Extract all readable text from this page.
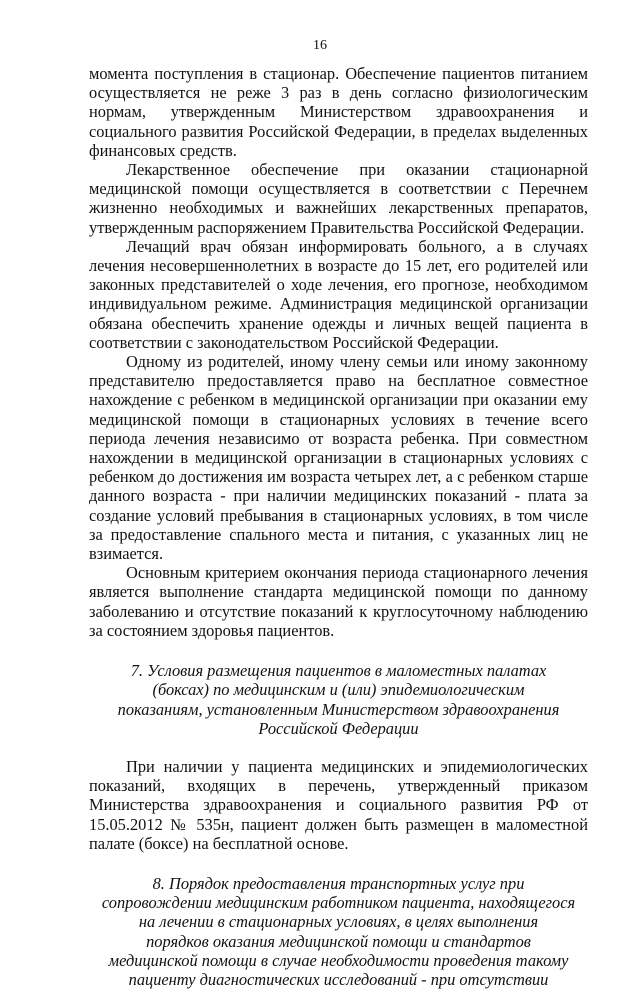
16

момента поступления в стационар. Обеспечение пациентов питанием осуществляется не реже 3 раз в день согласно физиологическим нормам, утвержденным Министерством здравоохранения и социального развития Российской Федерации, в пределах выделенных финансовых средств.

Лекарственное обеспечение при оказании стационарной медицинской помощи осуществляется в соответствии с Перечнем жизненно необходимых и важнейших лекарственных препаратов, утвержденным распоряжением Правительства Российской Федерации.

Лечащий врач обязан информировать больного, а в случаях лечения несовершеннолетних в возрасте до 15 лет, его родителей или законных представителей о ходе лечения, его прогнозе, необходимом индивидуальном режиме. Администрация медицинской организации обязана обеспечить хранение одежды и личных вещей пациента в соответствии с законодательством Российской Федерации.

Одному из родителей, иному члену семьи или иному законному представителю предоставляется право на бесплатное совместное нахождение с ребенком в медицинской организации при оказании ему медицинской помощи в стационарных условиях в течение всего периода лечения независимо от возраста ребенка. При совместном нахождении в медицинской организации в стационарных условиях с ребенком до достижения им возраста четырех лет, а с ребенком старше данного возраста - при наличии медицинских показаний - плата за создание условий пребывания в стационарных условиях, в том числе за предоставление спального места и питания, с указанных лиц не взимается.

Основным критерием окончания периода стационарного лечения является выполнение стандарта медицинской помощи по данному заболеванию и отсутствие показаний к круглосуточному наблюдению за состоянием здоровья пациентов.

7. Условия размещения пациентов в маломестных палатах
(боксах) по медицинским и (или) эпидемиологическим
показаниям, установленным Министерством здравоохранения
Российской Федерации

При наличии у пациента медицинских и эпидемиологических показаний, входящих в перечень, утвержденный приказом Министерства здравоохранения и социального развития РФ от 15.05.2012 № 535н, пациент должен быть размещен в маломестной палате (боксе) на бесплатной основе.

8. Порядок предоставления транспортных услуг при
сопровождении медицинским работником пациента, находящегося
на лечении в стационарных условиях, в целях выполнения
порядков оказания медицинской помощи и стандартов
медицинской помощи в случае необходимости проведения такому
пациенту диагностических исследований - при отсутствии
